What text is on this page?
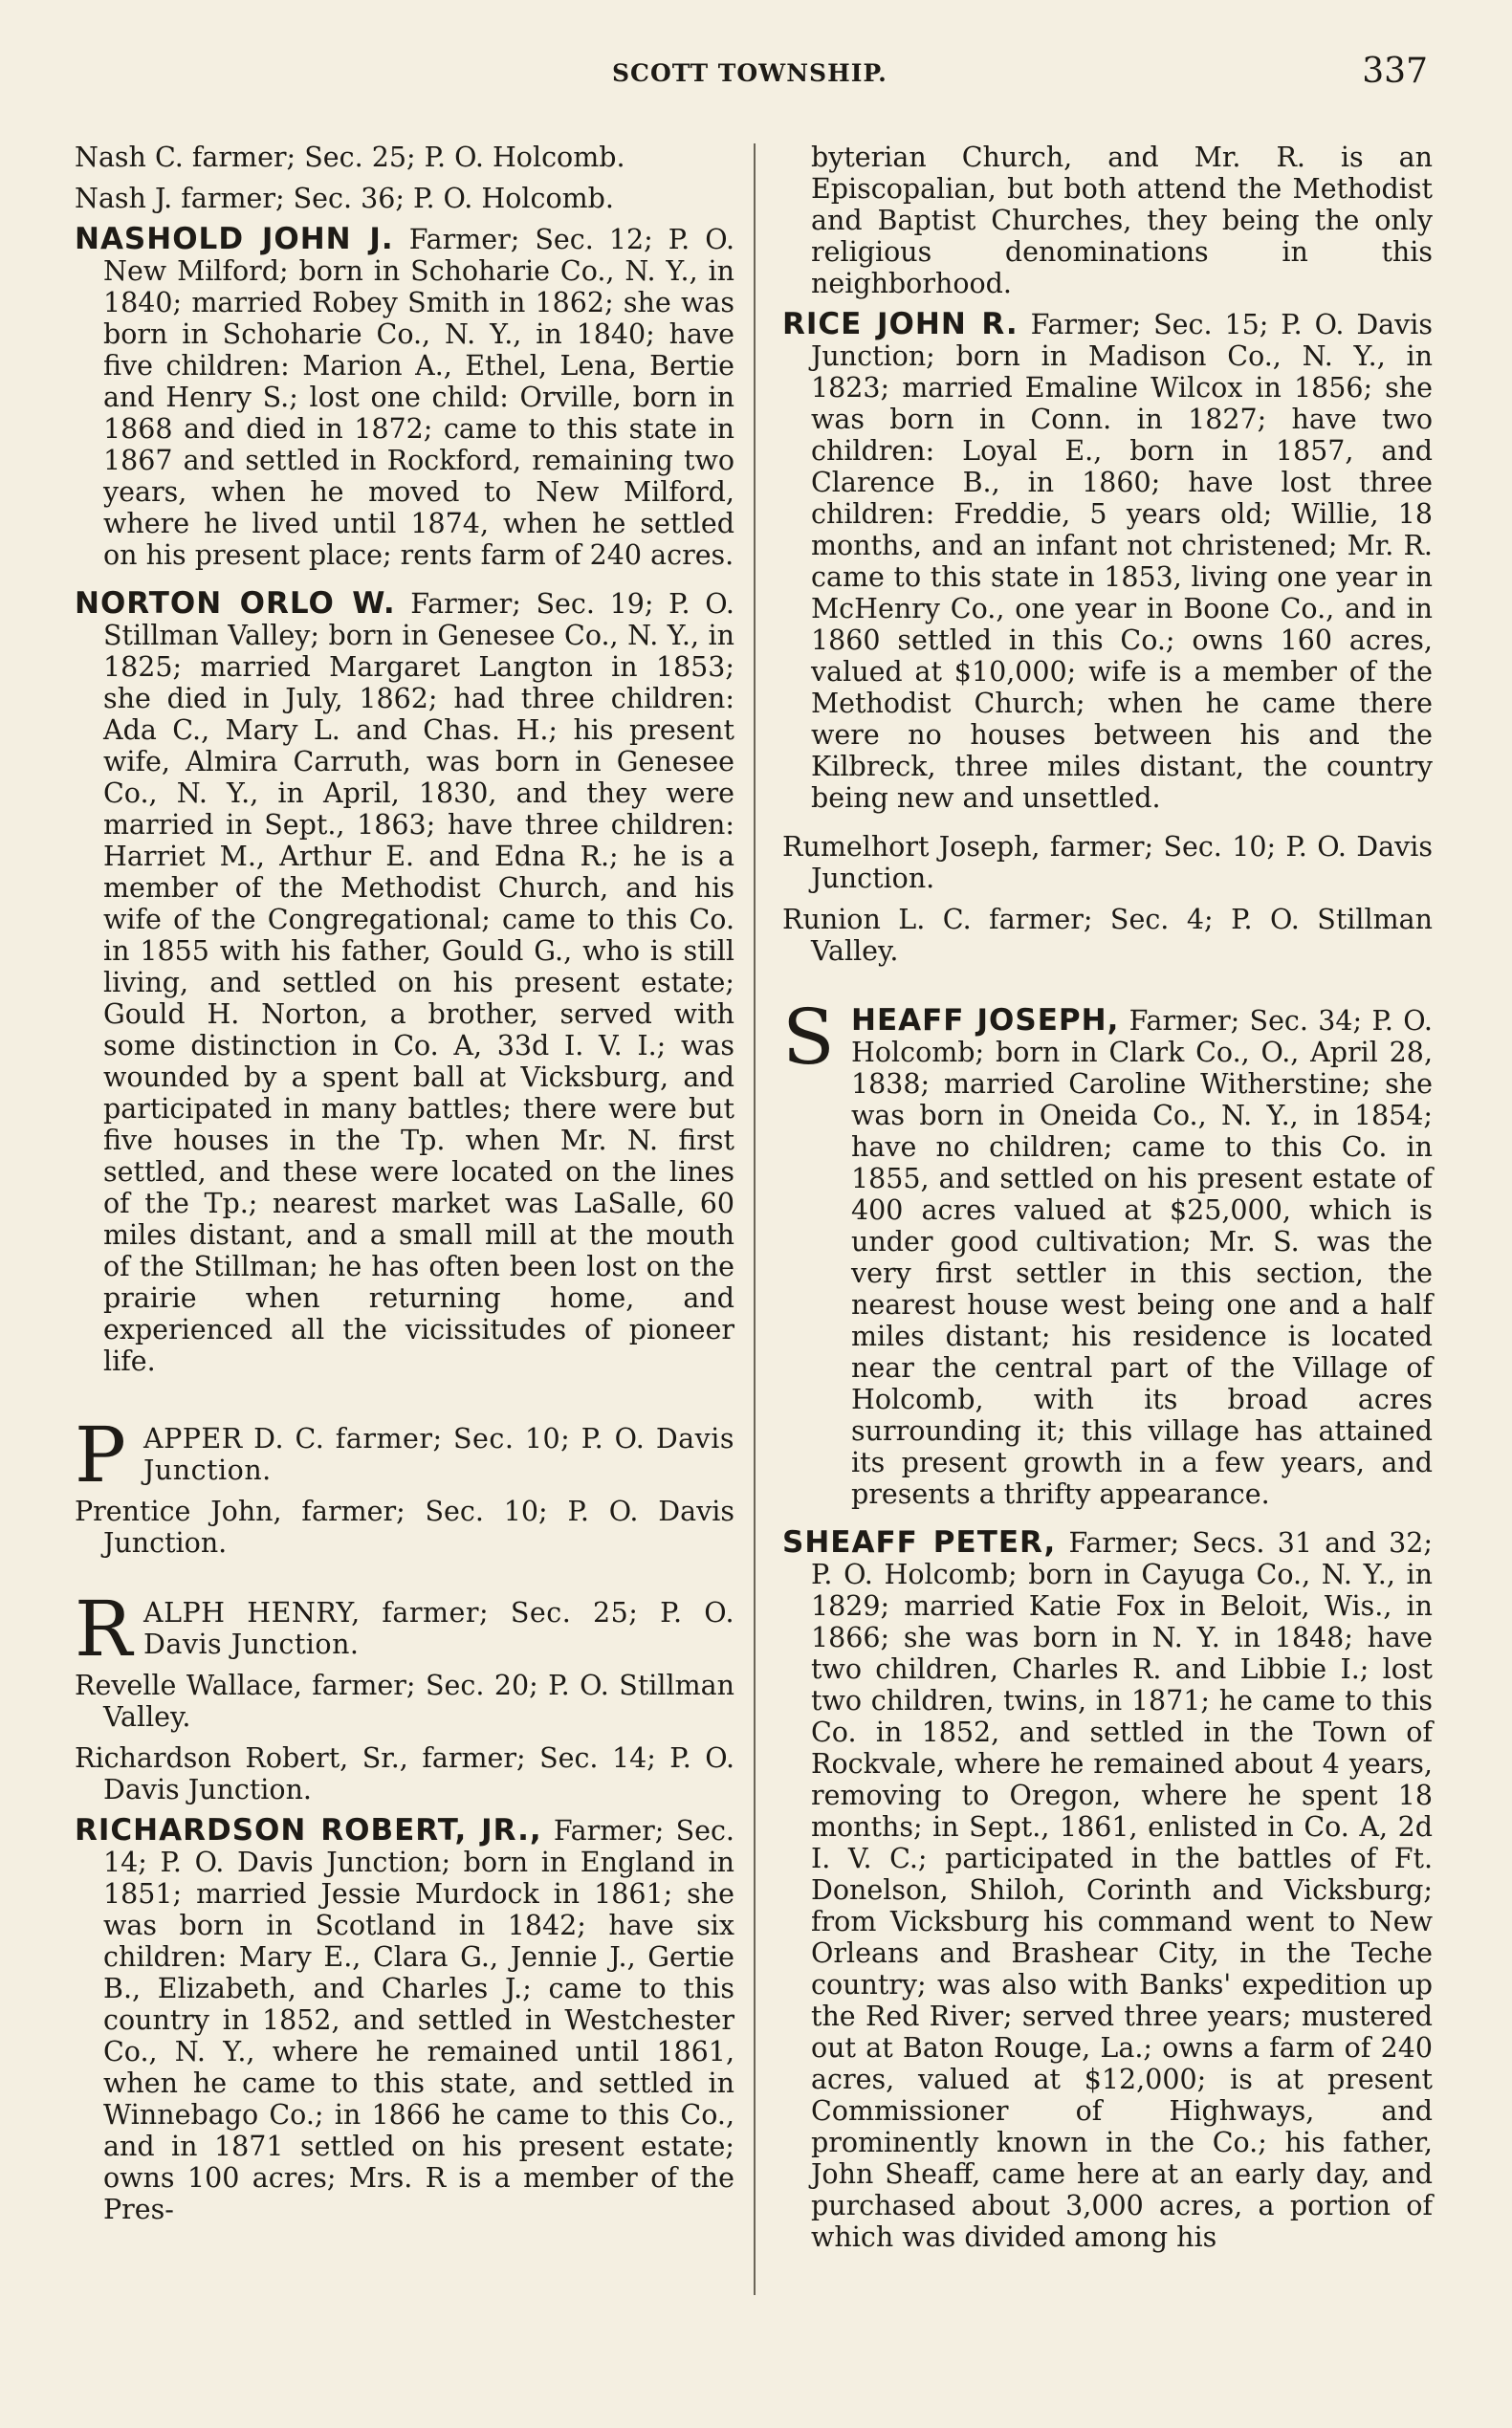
SCOTT TOWNSHIP.	337

Nash C. farmer; Sec. 25; P. O. Holcomb.

Nash J. farmer; Sec. 36; P. O. Holcomb.

NASHOLD JOHN J. Farmer; Sec. 12; P. O. New Milford; born in Schoharie Co., N. Y., in 1840; married Robey Smith in 1862; she was born in Schoharie Co., N. Y., in 1840; have five children: Marion A., Ethel, Lena, Bertie and Henry S.; lost one child: Orville, born in 1868 and died in 1872; came to this state in 1867 and settled in Rockford, remaining two years, when he moved to New Milford, where he lived until 1874, when he settled on his present place; rents farm of 240 acres.

NORTON ORLO W. Farmer; Sec. 19; P. O. Stillman Valley; born in Genesee Co., N. Y., in 1825; married Margaret Langton in 1853; she died in July, 1862; had three children: Ada C., Mary L. and Chas. H.; his present wife, Almira Carruth, was born in Genesee Co., N. Y., in April, 1830, and they were married in Sept., 1863; have three children: Harriet M., Arthur E. and Edna R.; he is a member of the Methodist Church, and his wife of the Congregational; came to this Co. in 1855 with his father, Gould G., who is still living, and settled on his present estate; Gould H. Norton, a brother, served with some distinction in Co. A, 33d I. V. I.; was wounded by a spent ball at Vicksburg, and participated in many battles; there were but five houses in the Tp. when Mr. N. first settled, and these were located on the lines of the Tp.; nearest market was LaSalle, 60 miles distant, and a small mill at the mouth of the Stillman; he has often been lost on the prairie when returning home, and experienced all the vicissitudes of pioneer life.

P APPER D. C. farmer; Sec. 10; P. O. Davis Junction.

Prentice John, farmer; Sec. 10; P. O. Davis Junction.

R ALPH HENRY, farmer; Sec. 25; P. O. Davis Junction.

Revelle Wallace, farmer; Sec. 20; P. O. Stillman Valley.

Richardson Robert, Sr., farmer; Sec. 14; P. O. Davis Junction.

RICHARDSON ROBERT, JR., Farmer; Sec. 14; P. O. Davis Junction; born in England in 1851; married Jessie Murdock in 1861; she was born in Scotland in 1842; have six children: Mary E., Clara G., Jennie J., Gertie B., Elizabeth, and Charles J.; came to this country in 1852, and settled in Westchester Co., N. Y., where he remained until 1861, when he came to this state, and settled in Winnebago Co.; in 1866 he came to this Co., and in 1871 settled on his present estate; owns 100 acres; Mrs. R is a member of the Pres-

byterian Church, and Mr. R. is an Episcopalian, but both attend the Methodist and Baptist Churches, they being the only religious denominations in this neighborhood.

RICE JOHN R. Farmer; Sec. 15; P. O. Davis Junction; born in Madison Co., N. Y., in 1823; married Emaline Wilcox in 1856; she was born in Conn. in 1827; have two children: Loyal E., born in 1857, and Clarence B., in 1860; have lost three children: Freddie, 5 years old; Willie, 18 months, and an infant not christened; Mr. R. came to this state in 1853, living one year in McHenry Co., one year in Boone Co., and in 1860 settled in this Co.; owns 160 acres, valued at $10,000; wife is a member of the Methodist Church; when he came there were no houses between his and the Kilbreck, three miles distant, the country being new and unsettled.

Rumelhort Joseph, farmer; Sec. 10; P. O. Davis Junction.

Runion L. C. farmer; Sec. 4; P. O. Stillman Valley.

S HEAFF JOSEPH, Farmer; Sec. 34; P. O. Holcomb; born in Clark Co., O., April 28, 1838; married Caroline Witherstine; she was born in Oneida Co., N. Y., in 1854; have no children; came to this Co. in 1855, and settled on his present estate of 400 acres valued at $25,000, which is under good cultivation; Mr. S. was the very first settler in this section, the nearest house west being one and a half miles distant; his residence is located near the central part of the Village of Holcomb, with its broad acres surrounding it; this village has attained its present growth in a few years, and presents a thrifty appearance.

SHEAFF PETER, Farmer; Secs. 31 and 32; P. O. Holcomb; born in Cayuga Co., N. Y., in 1829; married Katie Fox in Beloit, Wis., in 1866; she was born in N. Y. in 1848; have two children, Charles R. and Libbie I.; lost two children, twins, in 1871; he came to this Co. in 1852, and settled in the Town of Rockvale, where he remained about 4 years, removing to Oregon, where he spent 18 months; in Sept., 1861, enlisted in Co. A, 2d I. V. C.; participated in the battles of Ft. Donelson, Shiloh, Corinth and Vicksburg; from Vicksburg his command went to New Orleans and Brashear City, in the Teche country; was also with Banks' expedition up the Red River; served three years; mustered out at Baton Rouge, La.; owns a farm of 240 acres, valued at $12,000; is at present Commissioner of Highways, and prominently known in the Co.; his father, John Sheaff, came here at an early day, and purchased about 3,000 acres, a portion of which was divided among his
